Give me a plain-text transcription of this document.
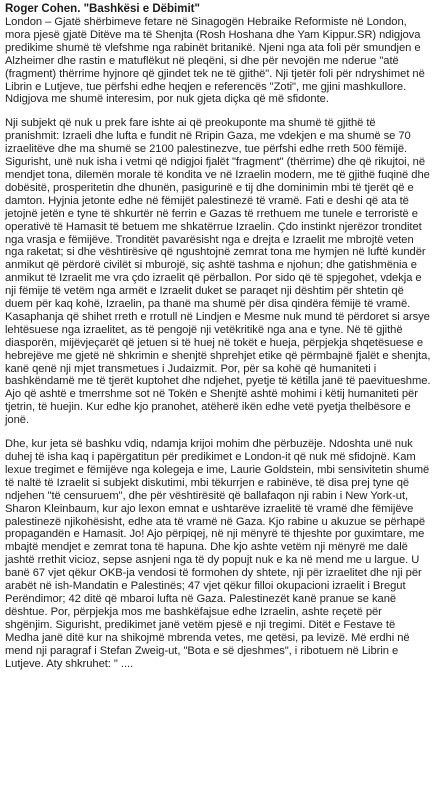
Roger Cohen. "Bashkësi e Dëbimit"

London – Gjatë shërbimeve fetare në Sinagogën Hebraike Reformiste në London, mora pjesë gjatë Ditëve ma të Shenjta (Rosh Hoshana dhe Yam Kippur.SR) ndigjova predikime shumë të vlefshme nga rabinët britanikë. Njeni nga ata foli për smundjen e Alzheimer dhe rastin e matuflëkut në pleqëni, si dhe për nevojën me nderue "atë (fragment) thërrime hyjnore që gjindet tek ne të gjithë". Nji tjetër foli për ndryshimet në Librin e Lutjeve, tue përfshi edhe heqjen e referencës "Zoti", me gjini mashkullore. Ndigjova me shumë interesim, por nuk gjeta diçka që më sfidonte.

Nji subjekt që nuk u prek fare ishte ai që preokuponte ma shumë të gjithë të pranishmit: Izraeli dhe lufta e fundit në Rripin Gaza, me vdekjen e ma shumë se 70 izraelitëve dhe ma shumë se 2100 palestinezve, tue përfshi edhe rreth 500 fëmijë. Sigurisht, unë nuk isha i vetmi që ndigjoi fjalët "fragment" (thërrime) dhe që rikujtoi, në mendjet tona, dilemën morale të kondita ve në Izraelin modern, me të gjithë fuqinë dhe dobësitë, prosperitetin dhe dhunën, pasigurinë e tij dhe dominimin mbi të tjerët që e damton. Hyjnia jetonte edhe në fëmijët palestinezë të vramë. Fati e deshi që ata të jetojnë jetën e tyne të shkurtër në ferrin e Gazas të rrethuem me tunele e terroristë e operativë të Hamasit të betuem me shkatërrue Izraelin. Çdo instinkt njerëzor tronditet nga vrasja e fëmijëve. Tronditët pavarësisht nga e drejta e Izraelit me mbrojtë veten nga raketat; si dhe vështirësive që ngushtojnë zemrat tona me hymjen në luftë kundër anmikut që përdorë civilët si mburojë, siç ashtë tashma e njohun; dhe gatishmënia e anmikut të Izraelit me vra çdo izraelit që përballon. Por sido që të spjegohet, vdekja e nji fëmije të vetëm nga armët e Izraelit duket se paraqet nji dështim për shtetin që duem për kaq kohë, Izraelin, pa thanë ma shumë për disa qindëra fëmijë të vramë. Kasaphanja që shihet rreth e rrotull në Lindjen e Mesme nuk mund të përdoret si arsye lehtësuese nga izraelitet, as të pengojë nji vetëkritikë nga ana e tyne. Në të gjithë diasporën, mijëvjeçarët që jetuen si të huej në tokët e hueja, përpjekja shqetësuese e hebrejëve me gjetë në shkrimin e shenjtë shprehjet etike që përmbajnë fjalët e shenjta, kanë qenë nji mjet transmetues i Judaizmit. Por, për sa kohë që humaniteti i bashkëndamë me të tjerët kuptohet dhe ndjehet, pyetje të këtilla janë të paevitueshme. Ajo që ashtë e tmerrshme sot në Tokën e Shenjtë ashtë mohimi i këtij humaniteti për tjetrin, të huejin. Kur edhe kjo pranohet, atëherë ikën edhe vetë pyetja thelbësore e jonë.

Dhe, kur jeta së bashku vdiq, ndamja krijoi mohim dhe përbuzëje. Ndoshta unë nuk duhej të isha kaq i papërgatitun për predikimet e London-it që nuk më sfidojnë. Kam lexue tregimet e fëmijëve nga kolegeja e ime, Laurie Goldstein, mbi sensivitetin shumë të naltë të Izraelit si subjekt diskutimi, mbi tëkurrjen e rabinëve, të disa prej tyne që ndjehen "të censuruem", dhe për vështirësitë që ballafaqon nji rabin i New York-ut, Sharon Kleinbaum, kur ajo lexon emnat e ushtarëve izraelitë të vramë dhe fëmijëve palestinezë njikohësisht, edhe ata të vramë në Gaza. Kjo rabine u akuzue se përhapë propagandën e Hamasit. Jo! Ajo përpiqej, në nji mënyrë të thjeshte por guximtare, me mbajtë mendjet e zemrat tona të hapuna. Dhe kjo ashte vetëm nji mënyrë me dalë jashtë rrethit vicioz, sepse asnjeni nga të dy popujt nuk e ka në mend me u largue. U banë 67 vjet qëkur OKB-ja vendosi të formohen dy shtete, nji për izraelitet dhe nji për arabët në ish-Mandatin e Palestinës; 47 vjet qëkur filloi okupacioni izraelit i Bregut Perëndimor; 42 ditë që mbaroi lufta në Gaza. Palestinezët kanë pranue se kanë dështue. Por, përpjekja mos me bashkëfajsue edhe Izraelin, ashte reçetë për shgënjim. Sigurisht, predikimet janë vetëm pjesë e nji tregimi. Ditët e Festave të Medha janë ditë kur na shikojmë mbrenda vetes, me qetësi, pa levizë. Më erdhi në mend nji paragraf i Stefan Zweig-ut, "Bota e së djeshmes", i ribotuem në Librin e Lutjeve. Aty shkruhet: " ....
